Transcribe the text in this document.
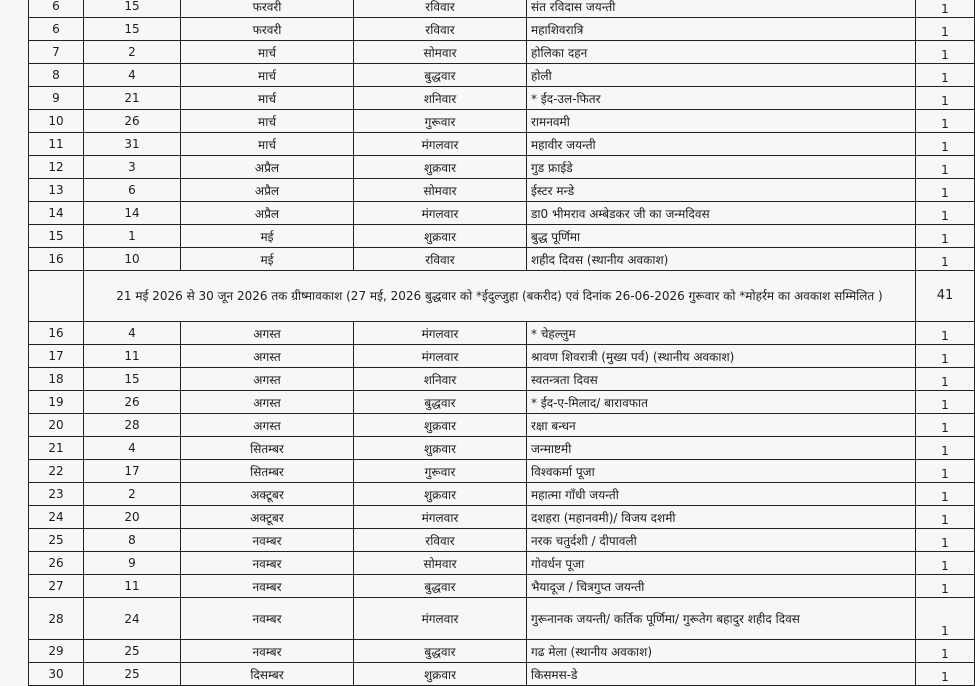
6	15	फरवरी	रविवार	संत रविदास जयन्ती	1
6	15	फरवरी	रविवार	महाशिवरात्रि	1
7	2	मार्च	सोमवार	होलिका दहन	1
8	4	मार्च	बुद्धवार	होली	1
9	21	मार्च	शनिवार	* ईद-उल-फितर	1
10	26	मार्च	गुरूवार	रामनवमी	1
11	31	मार्च	मंगलवार	महावीर जयन्ती	1
12	3	अप्रैल	शुक्रवार	गुड फ्राईडे	1
13	6	अप्रैल	सोमवार	ईस्टर मन्डे	1
14	14	अप्रैल	मंगलवार	डा0 भीमराव अम्बेडकर जी का जन्मदिवस	1
15	1	मई	शुक्रवार	बुद्ध पूर्णिमा	1
16	10	मई	रविवार	शहीद दिवस (स्थानीय अवकाश)	1
	21 मई 2026 से 30 जून 2026 तक ग्रीष्मावकाश (27 मई, 2026 बुद्धवार को *ईदुल्जुहा (बकरीद) एवं दिनांक 26-06-2026 गुरूवार को *मोहर्रम का अवकाश सम्मिलित )				41
16	4	अगस्त	मंगलवार	* चेहल्लुम	1
17	11	अगस्त	मंगलवार	श्रावण शिवरात्री (मुख्य पर्व) (स्थानीय अवकाश)	1
18	15	अगस्त	शनिवार	स्वतन्त्रता दिवस	1
19	26	अगस्त	बुद्धवार	* ईद-ए-मिलाद/ बारावफात	1
20	28	अगस्त	शुक्रवार	रक्षा बन्धन	1
21	4	सितम्बर	शुक्रवार	जन्माष्टमी	1
22	17	सितम्बर	गुरूवार	विश्वकर्मा पूजा	1
23	2	अक्टूबर	शुक्रवार	महात्मा गाँधी जयन्ती	1
24	20	अक्टूबर	मंगलवार	दशहरा (महानवमी)/ विजय दशमी	1
25	8	नवम्बर	रविवार	नरक चतुर्दशी / दीपावली	1
26	9	नवम्बर	सोमवार	गोवर्धन पूजा	1
27	11	नवम्बर	बुद्धवार	भैयादूज / चित्रगुप्त जयन्ती	1
28	24	नवम्बर	मंगलवार	गुरूनानक जयन्ती/ कर्तिक पूर्णिमा/ गुरूतेग बहादुर शहीद दिवस	1
29	25	नवम्बर	बुद्धवार	गढ मेला (स्थानीय अवकाश)	1
30	25	दिसम्बर	शुक्रवार	किसमस-डे	1
